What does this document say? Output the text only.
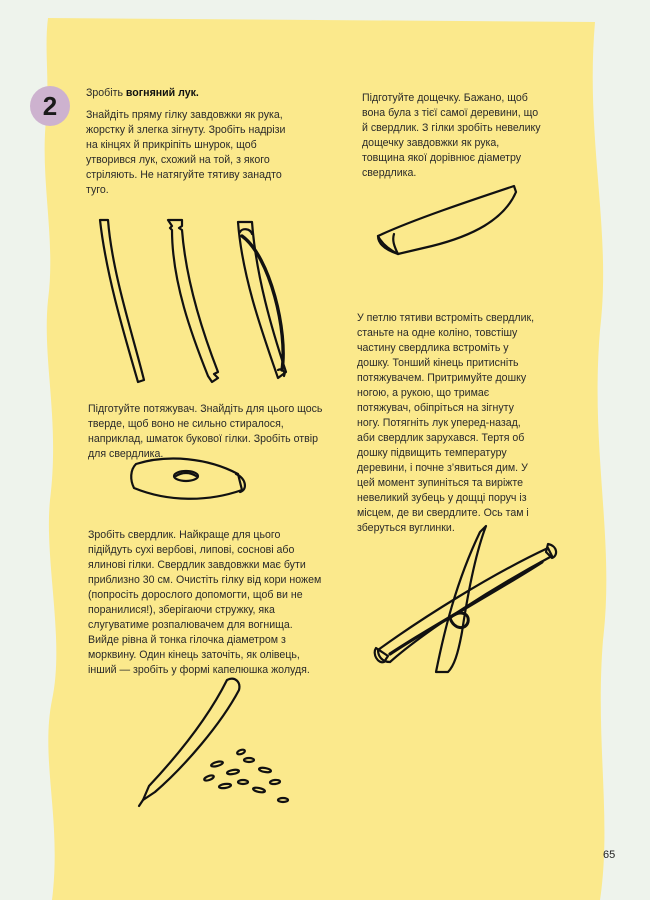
2	Зробіть вогняний лук.

Знайдіть пряму гілку завдовжки як рука, жорстку й злегка зігнуту. Зробіть надрізи на кінцях й прикріпіть шнурок, щоб утворився лук, схожий на той, з якого стріляють. Не натягуйте тятиву занадто туго.

Підготуйте дощечку. Бажано, щоб вона була з тієї самої деревини, що й свердлик. З гілки зробіть невелику дощечку завдовжки як рука, товщина якої дорівнює діаметру свердлика.

Підготуйте потяжувач. Знайдіть для цього щось тверде, щоб воно не сильно стиралося, наприклад, шматок букової гілки. Зробіть отвір для свердлика.

У петлю тятиви встроміть свердлик, станьте на одне коліно, товстішу частину свердлика встроміть у дошку. Тонший кінець притисніть потяжувачем. Притримуйте дошку ногою, а рукою, що тримає потяжувач, обіпріться на зігнуту ногу. Потягніть лук уперед-назад, аби свердлик заруxався. Тертя об дошку підвищить температуру деревини, і почне з’явиться дим. У цей момент зупиніться та виріжте невеликий зубець у дощці поруч із місцем, де ви свердлите. Ось там і зберуться вуглинки.

Зробіть свердлик. Найкраще для цього підійдуть сухі вербові, липові, соснові або ялинові гілки. Свердлик завдовжки має бути приблизно 30 см. Очистіть гілку від кори ножем (попросіть дорослого допомогти, щоб ви не поранилися!), зберігаючи стружку, яка слугуватиме розпалювачем для вогнища. Вийде рівна й тонка гілочка діаметром з морквину. Один кінець заточіть, як олівець, інший — зробіть у формі капелюшка жолудя.

65
